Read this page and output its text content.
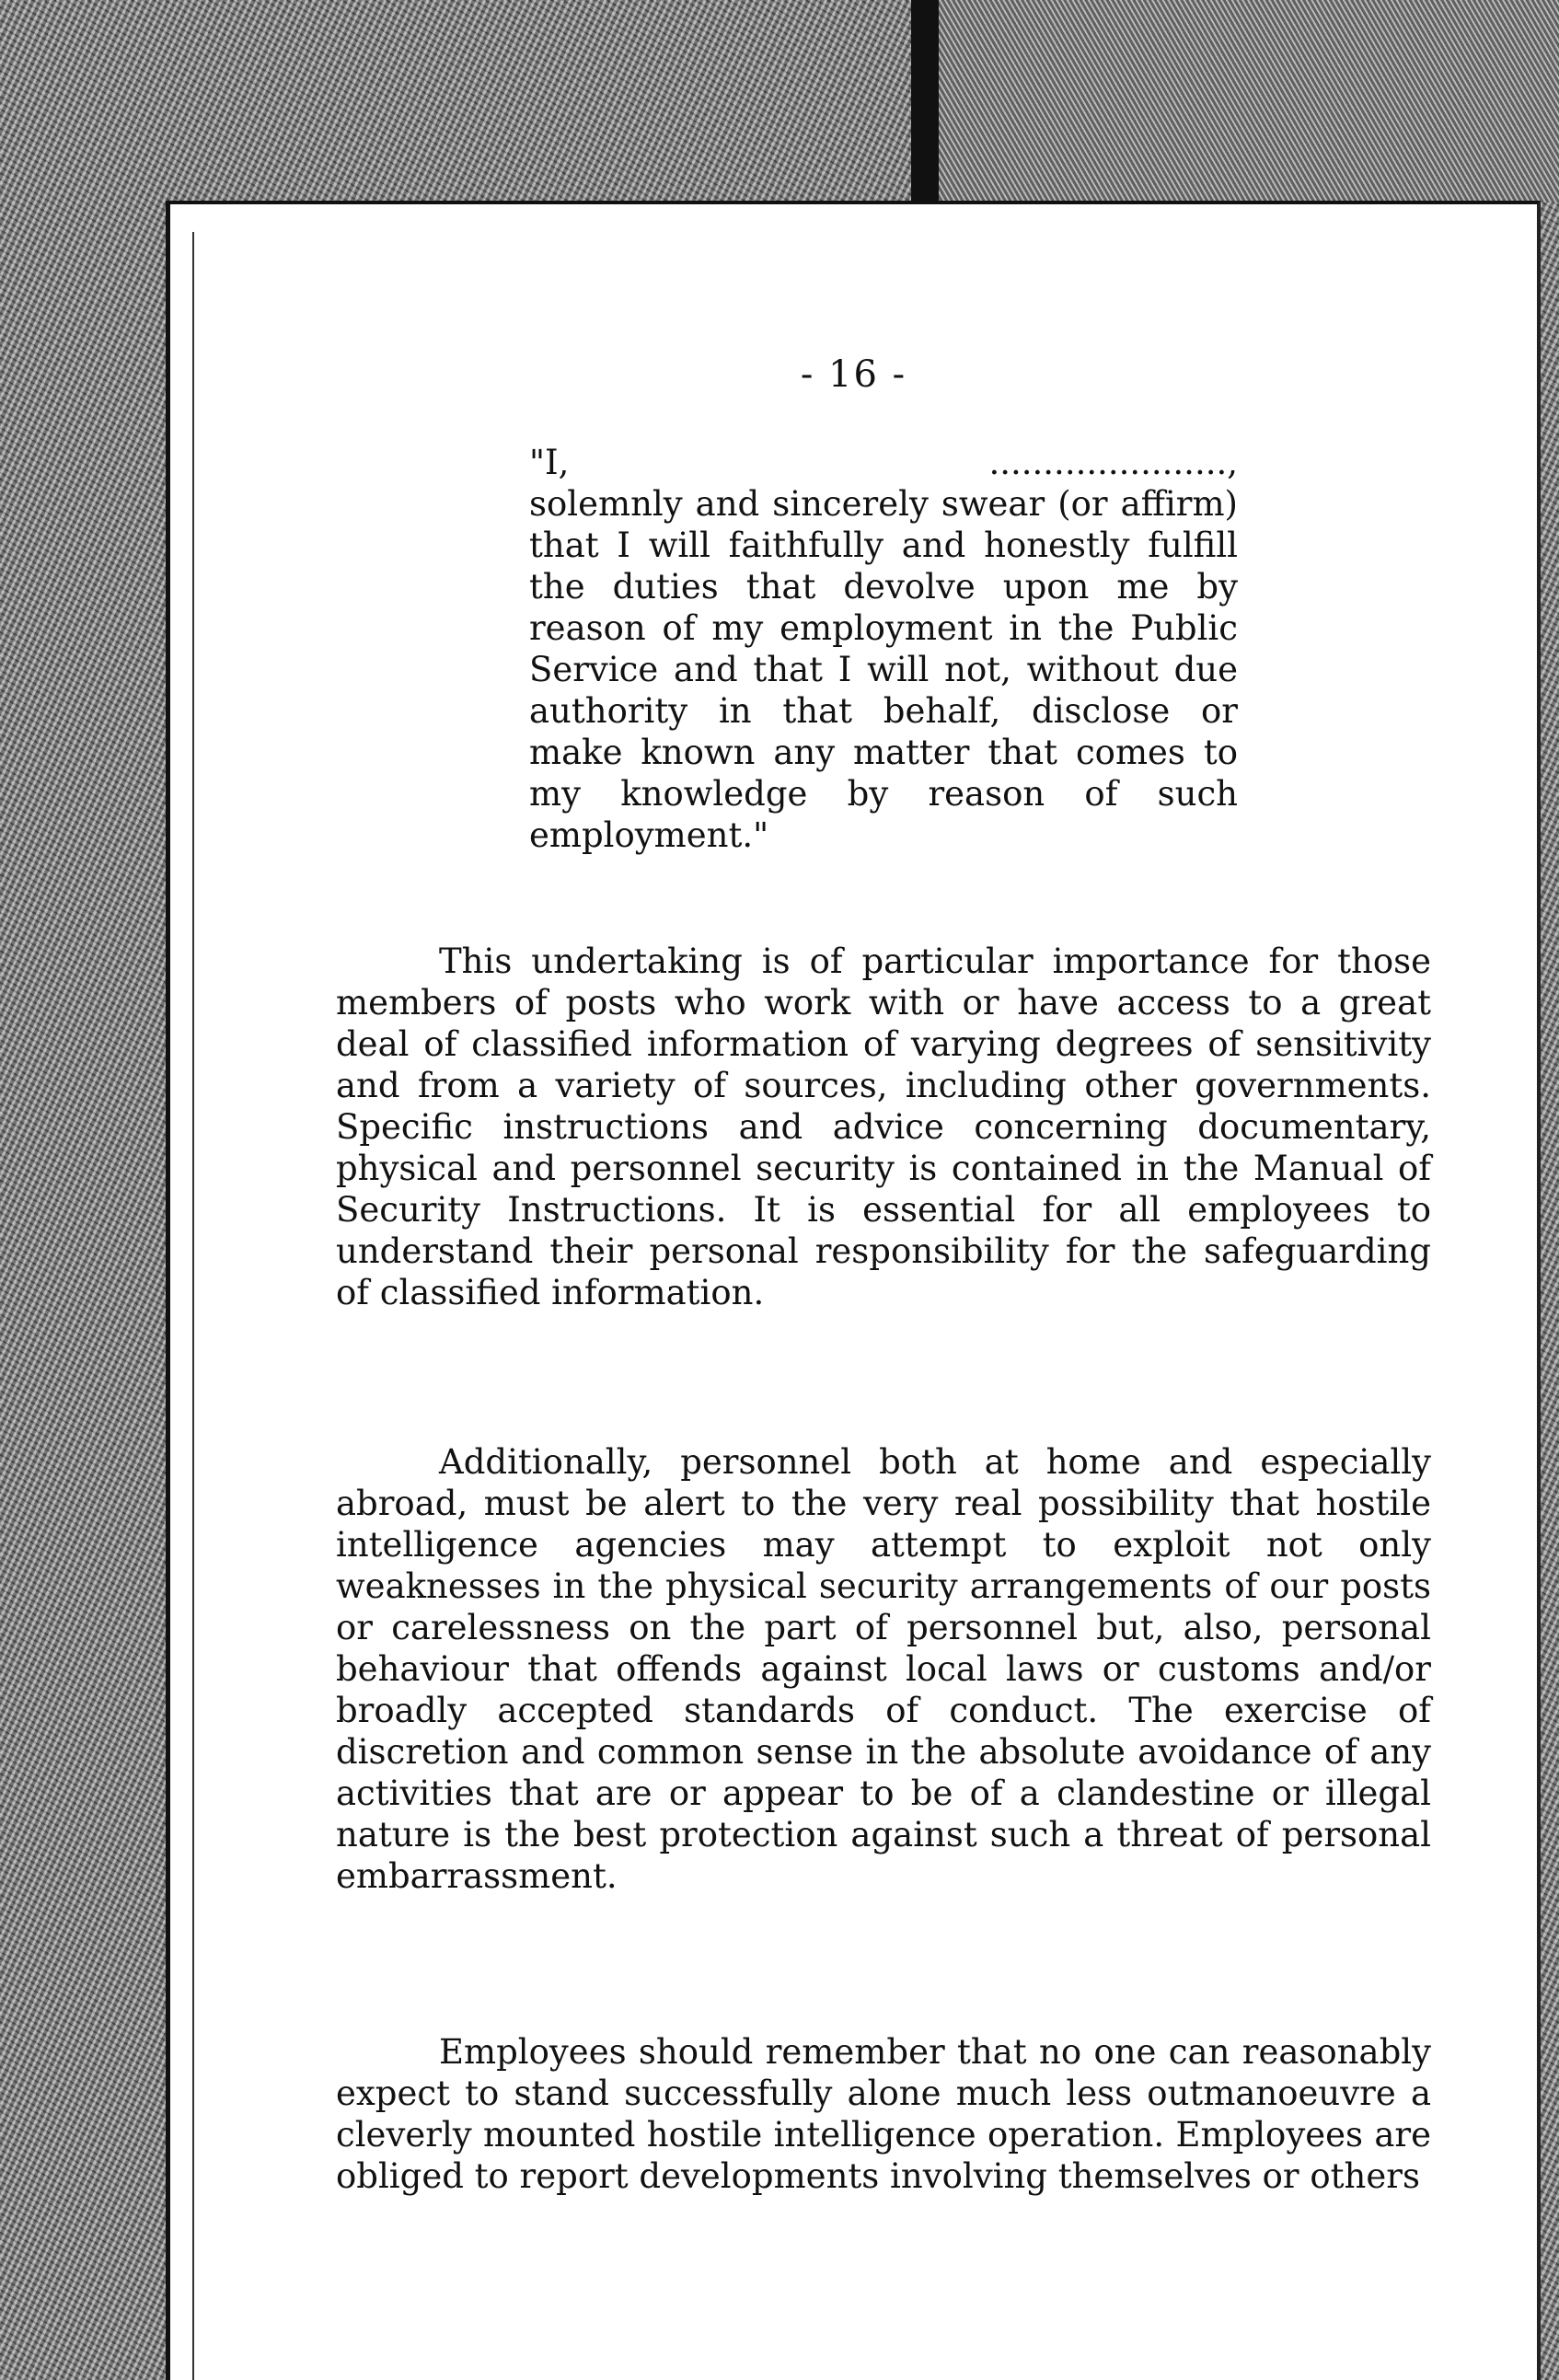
- 16 -
"I,	......................,

solemnly and sincerely swear (or affirm) that I will faithfully and honestly fulfill the duties that devolve upon me by reason of my employment in the Public Service and that I will not, without due authority in that behalf, disclose or make known any matter that comes to my knowledge by reason of such employment."

This undertaking is of particular importance for those members of posts who work with or have access to a great deal of classified information of varying degrees of sensitivity and from a variety of sources, including other governments. Specific instructions and advice concerning documentary, physical and personnel security is contained in the Manual of Security Instructions. It is essential for all employees to understand their personal responsibility for the safeguarding of classified information.

Additionally, personnel both at home and especially abroad, must be alert to the very real possibility that hostile intelligence agencies may attempt to exploit not only weaknesses in the physical security arrangements of our posts or carelessness on the part of personnel but, also, personal behaviour that offends against local laws or customs and/or broadly accepted standards of conduct. The exercise of discretion and common sense in the absolute avoidance of any activities that are or appear to be of a clandestine or illegal nature is the best protection against such a threat of personal embarrassment.

Employees should remember that no one can reasonably expect to stand successfully alone much less outmanoeuvre a cleverly mounted hostile intelligence operation. Employees are obliged to report developments involving themselves or others
